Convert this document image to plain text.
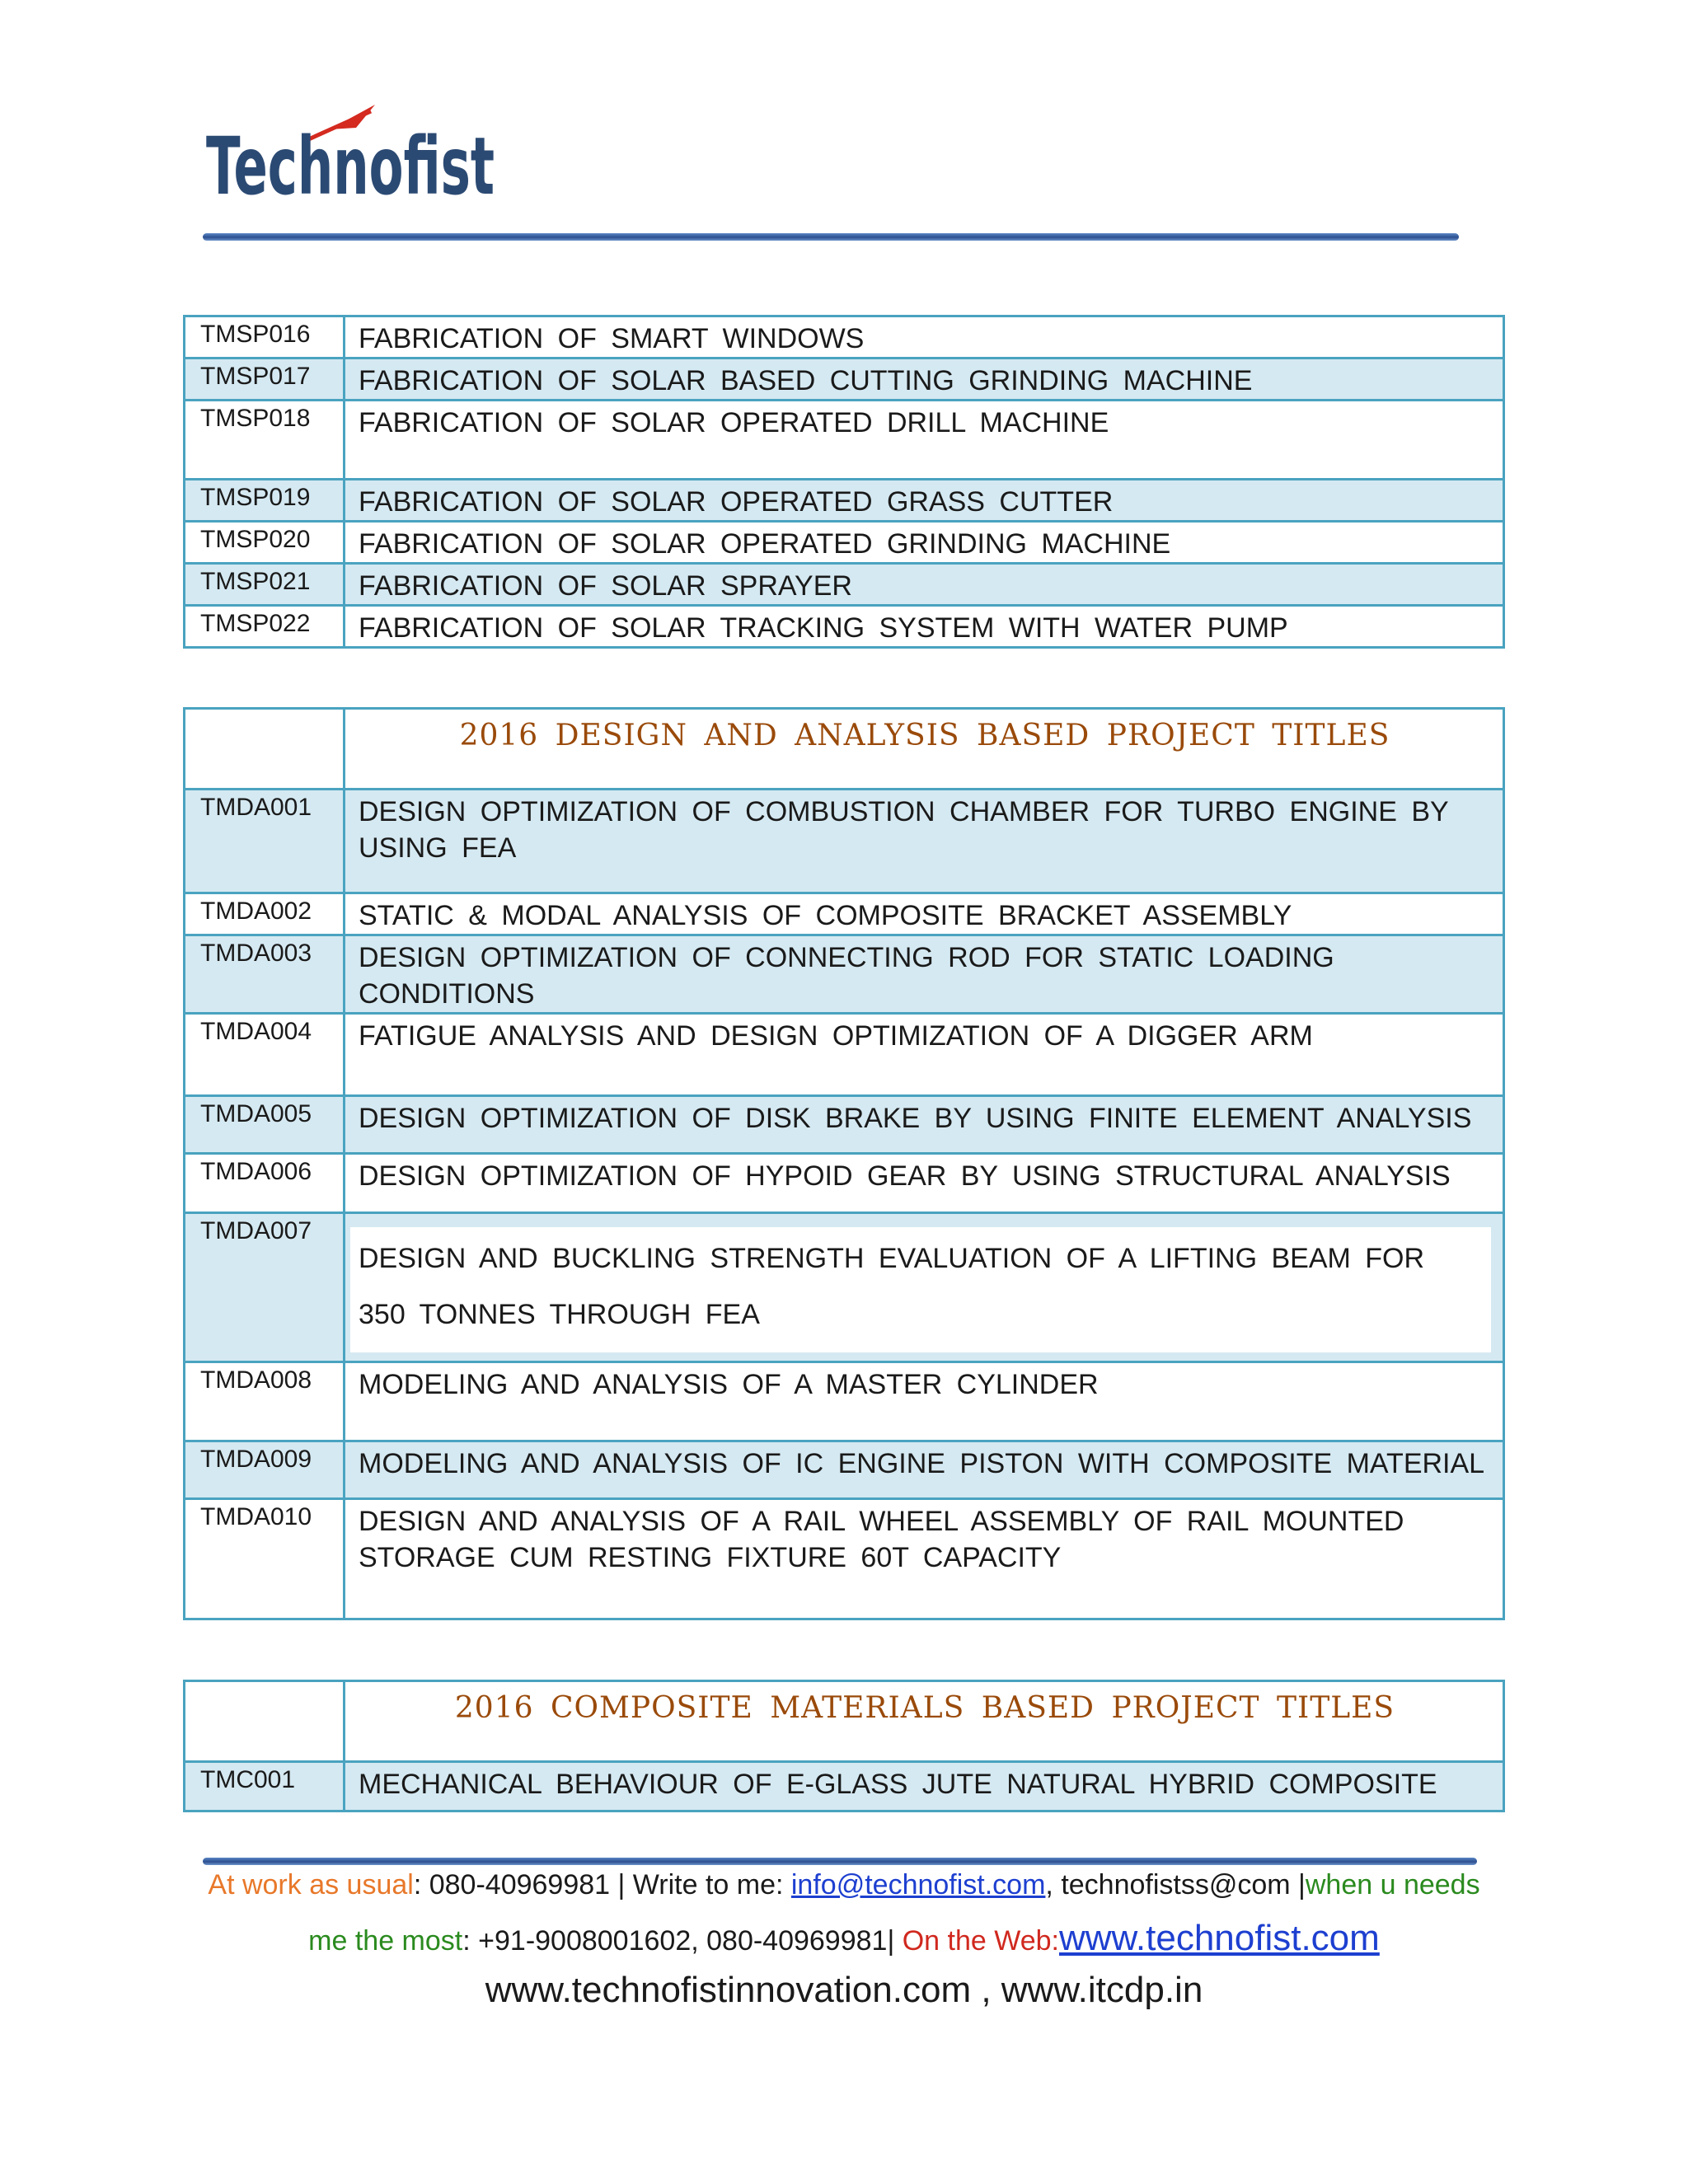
Technofist
TMSP016	FABRICATION OF SMART WINDOWS
TMSP017	FABRICATION OF SOLAR BASED CUTTING GRINDING MACHINE
TMSP018	FABRICATION OF SOLAR OPERATED DRILL MACHINE
TMSP019	FABRICATION OF SOLAR OPERATED GRASS CUTTER
TMSP020	FABRICATION OF SOLAR OPERATED GRINDING MACHINE
TMSP021	FABRICATION OF SOLAR SPRAYER
TMSP022	FABRICATION OF SOLAR TRACKING SYSTEM WITH WATER PUMP
	2016 DESIGN AND ANALYSIS BASED PROJECT TITLES
TMDA001	DESIGN OPTIMIZATION OF COMBUSTION CHAMBER FOR TURBO ENGINE BY USING FEA
TMDA002	STATIC & MODAL ANALYSIS OF COMPOSITE BRACKET ASSEMBLY
TMDA003	DESIGN OPTIMIZATION OF CONNECTING ROD FOR STATIC LOADING CONDITIONS
TMDA004	FATIGUE ANALYSIS AND DESIGN OPTIMIZATION OF A DIGGER ARM
TMDA005	DESIGN OPTIMIZATION OF DISK BRAKE BY USING FINITE ELEMENT ANALYSIS
TMDA006	DESIGN OPTIMIZATION OF HYPOID GEAR BY USING STRUCTURAL ANALYSIS
TMDA007	DESIGN AND BUCKLING STRENGTH EVALUATION OF A LIFTING BEAM FOR 350 TONNES THROUGH FEA

TMDA008	MODELING AND ANALYSIS OF A MASTER CYLINDER
TMDA009	MODELING AND ANALYSIS OF IC ENGINE PISTON WITH COMPOSITE MATERIAL
TMDA010	DESIGN AND ANALYSIS OF A RAIL WHEEL ASSEMBLY OF RAIL MOUNTED STORAGE CUM RESTING FIXTURE 60T CAPACITY
	2016 COMPOSITE MATERIALS BASED PROJECT TITLES
TMC001	MECHANICAL BEHAVIOUR OF E-GLASS JUTE NATURAL HYBRID COMPOSITE
At work as usual: 080-40969981 | Write to me: info@technofist.com, technofistss@com |when u needs
me the most: +91-9008001602, 080-40969981| On the Web:www.technofist.com
www.technofistinnovation.com , www.itcdp.in
